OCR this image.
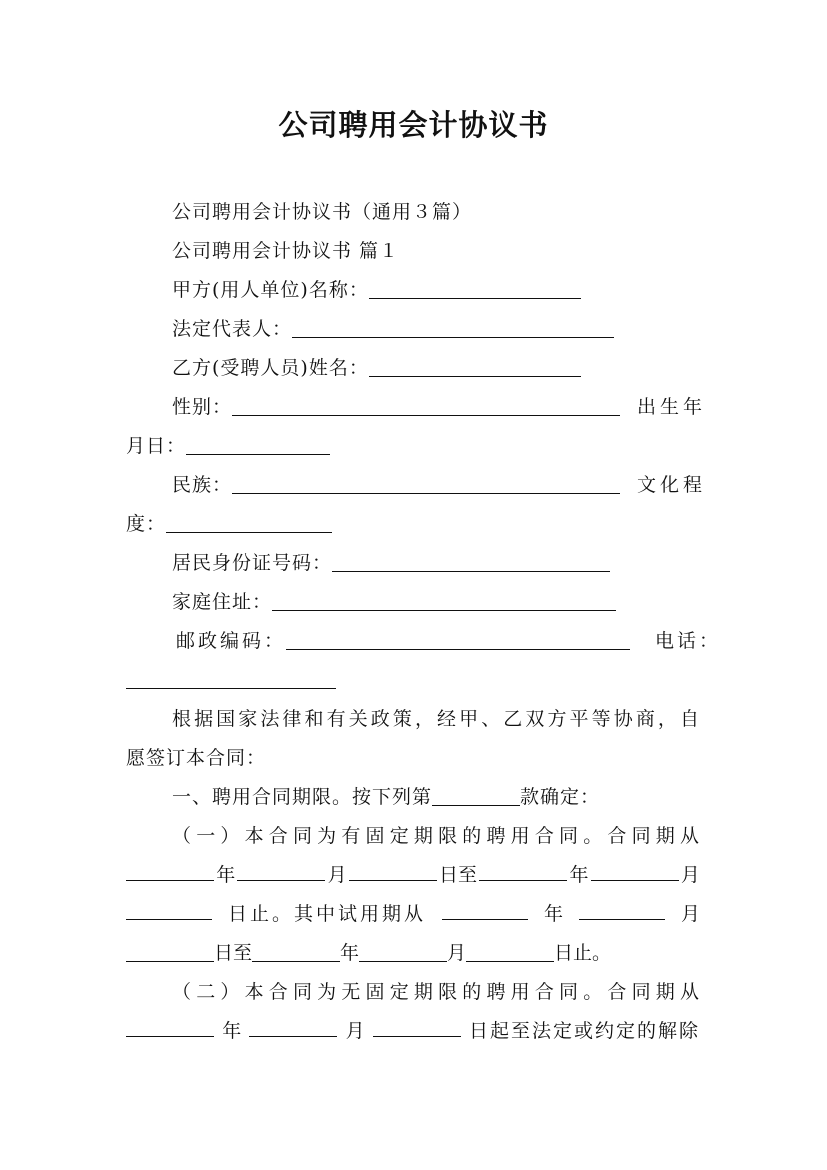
公司聘用会计协议书
公司聘用会计协议书（通用３篇）
公司聘用会计协议书 篇１
甲方(用人单位)名称：
法定代表人：
乙方(受聘人员)姓名：
性别：	出生年
月日：
民族：	文化程
度：
居民身份证号码：
家庭住址：
邮政编码：	电话：
根据国家法律和有关政策，经甲、乙双方平等协商，自
愿签订本合同：
一、聘用合同期限。按下列第	款确定：
（一）本合同为有固定期限的聘用合同。合同期从
年	月	日至	年	月
日止。其中试用期从	年	月
日至	年	月	日止。
（二）本合同为无固定期限的聘用合同。合同期从
年	月	日起至法定或约定的解除
